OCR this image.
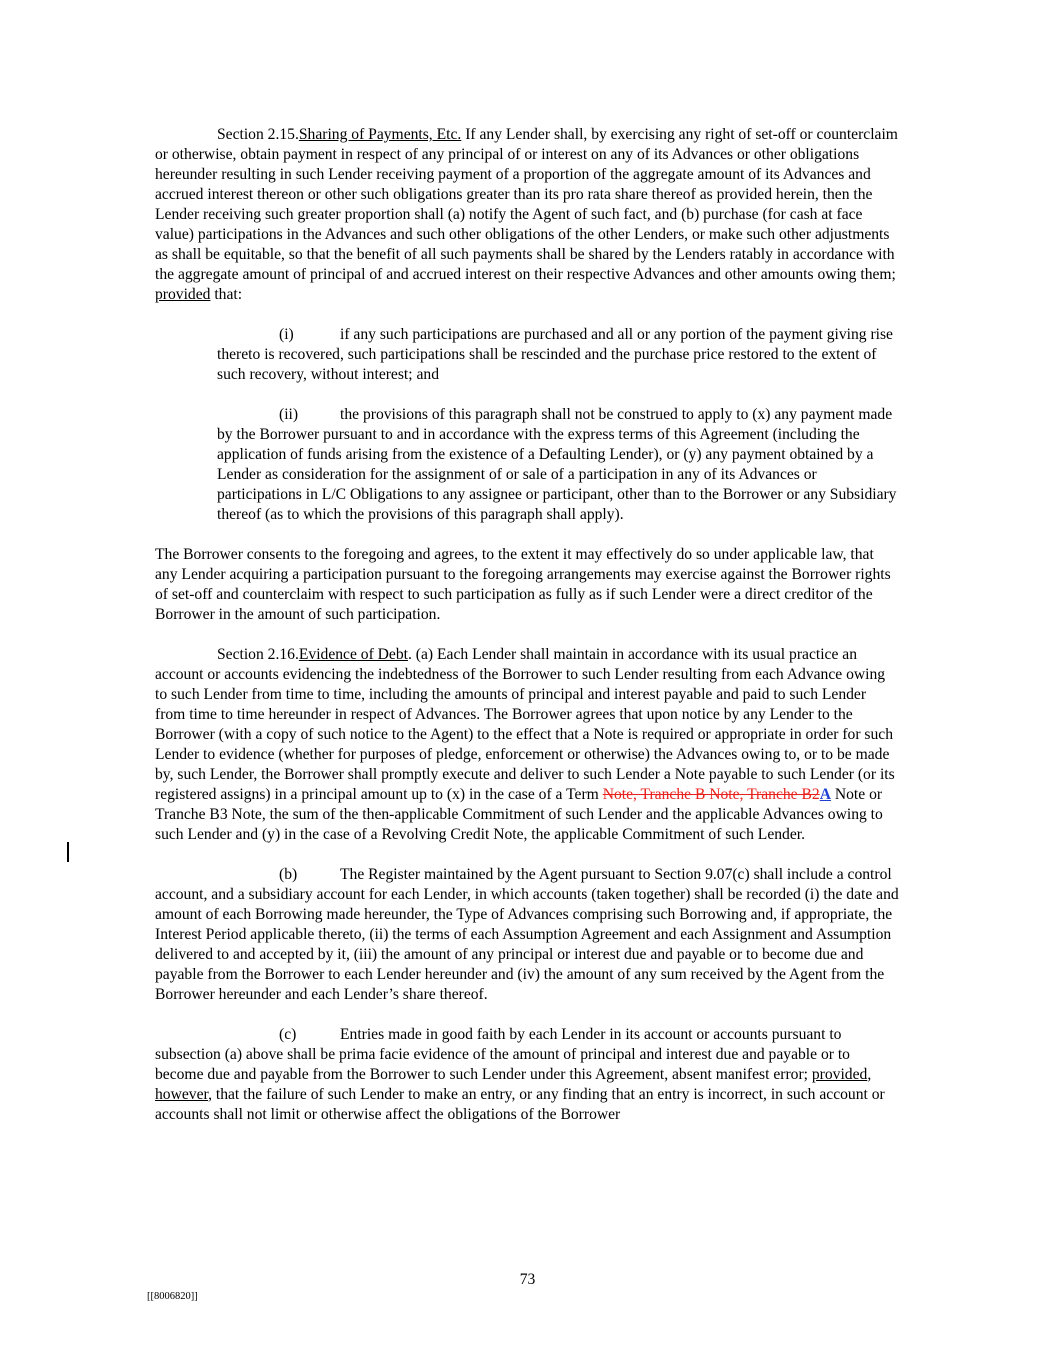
Section 2.15.Sharing of Payments, Etc. If any Lender shall, by exercising any right of set-off or counterclaim or otherwise, obtain payment in respect of any principal of or interest on any of its Advances or other obligations hereunder resulting in such Lender receiving payment of a proportion of the aggregate amount of its Advances and accrued interest thereon or other such obligations greater than its pro rata share thereof as provided herein, then the Lender receiving such greater proportion shall (a) notify the Agent of such fact, and (b) purchase (for cash at face value) participations in the Advances and such other obligations of the other Lenders, or make such other adjustments as shall be equitable, so that the benefit of all such payments shall be shared by the Lenders ratably in accordance with the aggregate amount of principal of and accrued interest on their respective Advances and other amounts owing them; provided that:

(i)	if any such participations are purchased and all or any portion of the payment giving rise thereto is recovered, such participations shall be rescinded and the purchase price restored to the extent of such recovery, without interest; and

(ii)	the provisions of this paragraph shall not be construed to apply to (x) any payment made by the Borrower pursuant to and in accordance with the express terms of this Agreement (including the application of funds arising from the existence of a Defaulting Lender), or (y) any payment obtained by a Lender as consideration for the assignment of or sale of a participation in any of its Advances or participations in L/C Obligations to any assignee or participant, other than to the Borrower or any Subsidiary thereof (as to which the provisions of this paragraph shall apply).

The Borrower consents to the foregoing and agrees, to the extent it may effectively do so under applicable law, that any Lender acquiring a participation pursuant to the foregoing arrangements may exercise against the Borrower rights of set-off and counterclaim with respect to such participation as fully as if such Lender were a direct creditor of the Borrower in the amount of such participation.

Section 2.16.Evidence of Debt. (a) Each Lender shall maintain in accordance with its usual practice an account or accounts evidencing the indebtedness of the Borrower to such Lender resulting from each Advance owing to such Lender from time to time, including the amounts of principal and interest payable and paid to such Lender from time to time hereunder in respect of Advances. The Borrower agrees that upon notice by any Lender to the Borrower (with a copy of such notice to the Agent) to the effect that a Note is required or appropriate in order for such Lender to evidence (whether for purposes of pledge, enforcement or otherwise) the Advances owing to, or to be made by, such Lender, the Borrower shall promptly execute and deliver to such Lender a Note payable to such Lender (or its registered assigns) in a principal amount up to (x) in the case of a Term Note, Tranche B Note, Tranche B2A Note or Tranche B3 Note, the sum of the then-applicable Commitment of such Lender and the applicable Advances owing to such Lender and (y) in the case of a Revolving Credit Note, the applicable Commitment of such Lender.

(b)	The Register maintained by the Agent pursuant to Section 9.07(c) shall include a control account, and a subsidiary account for each Lender, in which accounts (taken together) shall be recorded (i) the date and amount of each Borrowing made hereunder, the Type of Advances comprising such Borrowing and, if appropriate, the Interest Period applicable thereto, (ii) the terms of each Assumption Agreement and each Assignment and Assumption delivered to and accepted by it, (iii) the amount of any principal or interest due and payable or to become due and payable from the Borrower to each Lender hereunder and (iv) the amount of any sum received by the Agent from the Borrower hereunder and each Lender’s share thereof.

(c)	Entries made in good faith by each Lender in its account or accounts pursuant to subsection (a) above shall be prima facie evidence of the amount of principal and interest due and payable or to become due and payable from the Borrower to such Lender under this Agreement, absent manifest error; provided, however, that the failure of such Lender to make an entry, or any finding that an entry is incorrect, in such account or accounts shall not limit or otherwise affect the obligations of the Borrower

73
[[8006820]]
